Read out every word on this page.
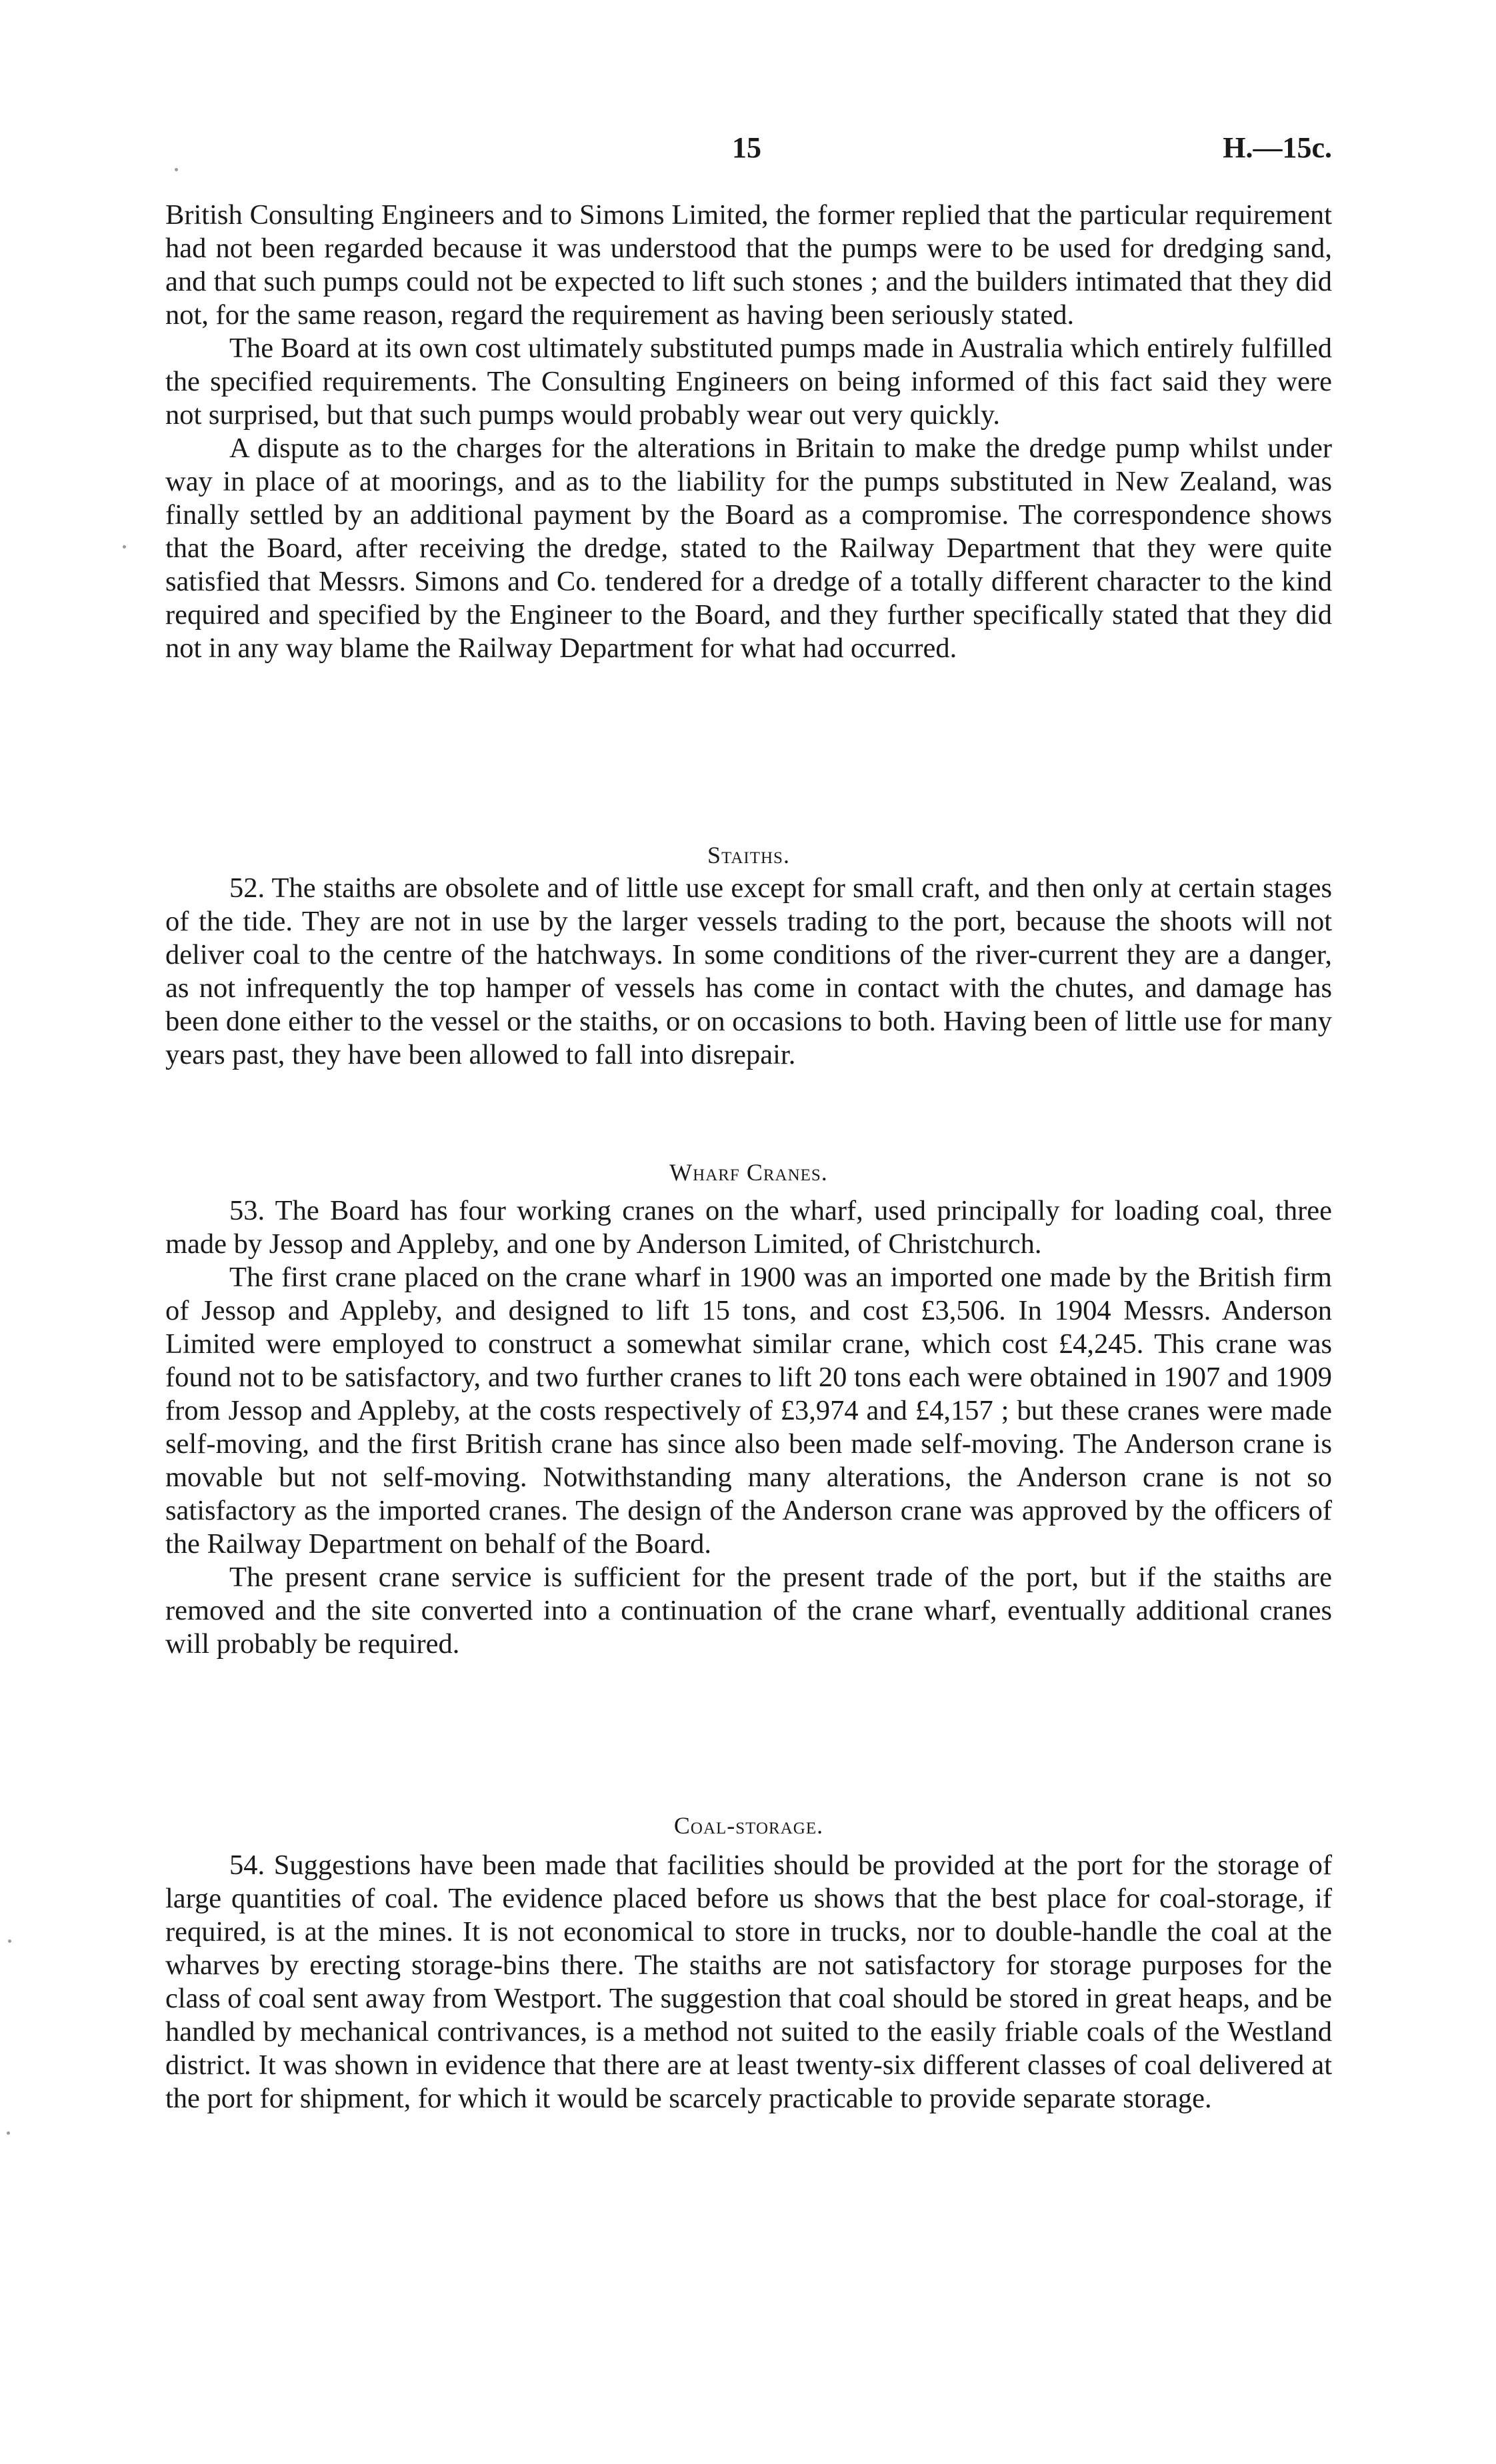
15	H.—15c.

British Consulting Engineers and to Simons Limited, the former replied that the particular requirement had not been regarded because it was understood that the pumps were to be used for dredging sand, and that such pumps could not be expected to lift such stones ; and the builders intimated that they did not, for the same reason, regard the requirement as having been seriously stated.

The Board at its own cost ultimately substituted pumps made in Australia which entirely fulfilled the specified requirements. The Consulting Engineers on being informed of this fact said they were not surprised, but that such pumps would probably wear out very quickly.

A dispute as to the charges for the alterations in Britain to make the dredge pump whilst under way in place of at moorings, and as to the liability for the pumps substituted in New Zealand, was finally settled by an additional payment by the Board as a compromise. The correspondence shows that the Board, after receiving the dredge, stated to the Railway Department that they were quite satisfied that Messrs. Simons and Co. tendered for a dredge of a totally different character to the kind required and specified by the Engineer to the Board, and they further specifically stated that they did not in any way blame the Railway Department for what had occurred.

Staiths.

52. The staiths are obsolete and of little use except for small craft, and then only at certain stages of the tide. They are not in use by the larger vessels trading to the port, because the shoots will not deliver coal to the centre of the hatchways. In some conditions of the river-current they are a danger, as not infrequently the top hamper of vessels has come in contact with the chutes, and damage has been done either to the vessel or the staiths, or on occasions to both. Having been of little use for many years past, they have been allowed to fall into disrepair.

Wharf Cranes.

53. The Board has four working cranes on the wharf, used principally for loading coal, three made by Jessop and Appleby, and one by Anderson Limited, of Christchurch.

The first crane placed on the crane wharf in 1900 was an imported one made by the British firm of Jessop and Appleby, and designed to lift 15 tons, and cost £3,506. In 1904 Messrs. Anderson Limited were employed to construct a somewhat similar crane, which cost £4,245. This crane was found not to be satisfactory, and two further cranes to lift 20 tons each were obtained in 1907 and 1909 from Jessop and Appleby, at the costs respectively of £3,974 and £4,157 ; but these cranes were made self-moving, and the first British crane has since also been made self-moving. The Anderson crane is movable but not self-moving. Notwithstanding many alterations, the Anderson crane is not so satisfactory as the imported cranes. The design of the Anderson crane was approved by the officers of the Railway Department on behalf of the Board.

The present crane service is sufficient for the present trade of the port, but if the staiths are removed and the site converted into a continuation of the crane wharf, eventually additional cranes will probably be required.

Coal-storage.

54. Suggestions have been made that facilities should be provided at the port for the storage of large quantities of coal. The evidence placed before us shows that the best place for coal-storage, if required, is at the mines. It is not economical to store in trucks, nor to double-handle the coal at the wharves by erecting storage-bins there. The staiths are not satisfactory for storage purposes for the class of coal sent away from Westport. The suggestion that coal should be stored in great heaps, and be handled by mechanical contrivances, is a method not suited to the easily friable coals of the Westland district. It was shown in evidence that there are at least twenty-six different classes of coal delivered at the port for shipment, for which it would be scarcely practicable to provide separate storage.
